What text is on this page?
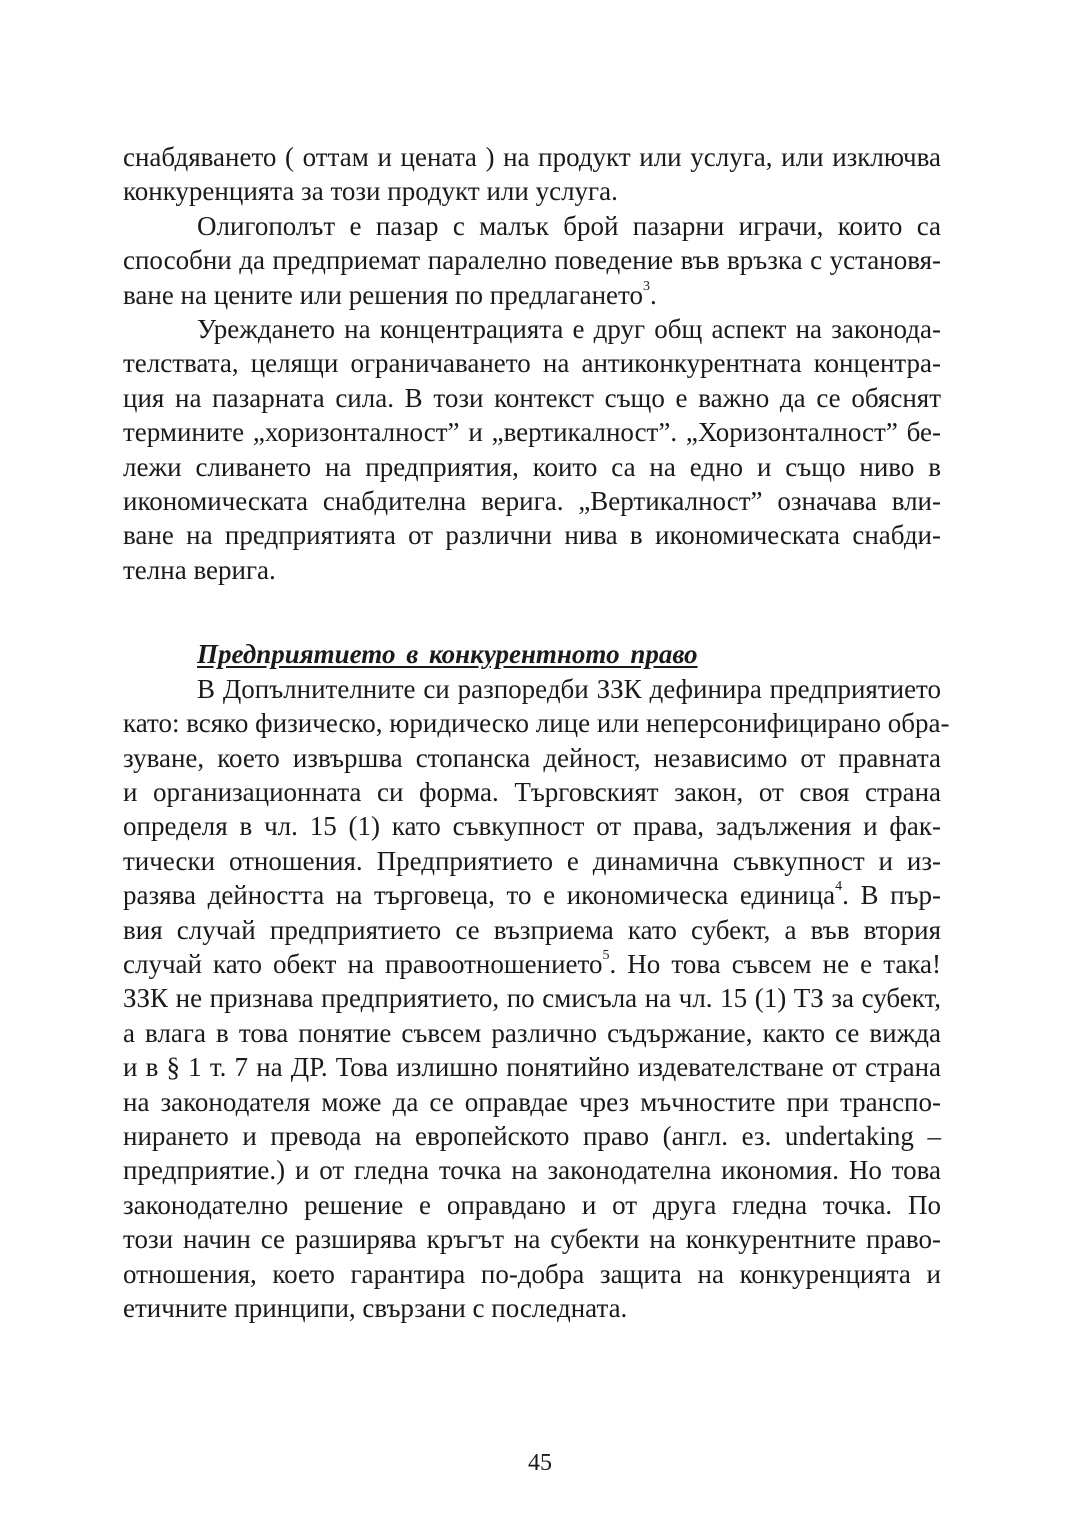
снабдяването ( оттам и цената ) на продукт или услуга, или изключва
конкуренцията за този продукт или услуга.

Олигополът е пазар с малък брой пазарни играчи, които са
способни да предприемат паралелно поведение във връзка с установя-
ване на цените или решения по предлагането$^3$.

Уреждането на концентрацията е друг общ аспект на законода-
телствата, целящи ограничаването на антиконкурентната концентра-
ция на пазарната сила. В този контекст също е важно да се обяснят
термините „хоризонталност” и „вертикалност”. „Хоризонталност” бе-
лежи сливането на предприятия, които са на едно и също ниво в
икономическата снабдителна верига. „Вертикалност” означава вли-
ване на предприятията от различни нива в икономическата снабди-
телна верига.

Предприятието в конкурентното право

В Допълнителните си разпоредби ЗЗК дефинира предприятието
като: всяко физическо, юридическо лице или неперсонифицирано обра-
зуване, което извършва стопанска дейност, независимо от правната
и организационната си форма. Търговският закон, от своя страна
определя в чл. 15 (1) като съвкупност от права, задължения и фак-
тически отношения. Предприятието е динамична съвкупност и из-
разява дейността на търговеца, то е икономическа единица$^4$. В пър-
вия случай предприятието се възприема като субект, а във втория
случай като обект на правоотношението$^5$. Но това съвсем не е така!
ЗЗК не признава предприятието, по смисъла на чл. 15 (1) ТЗ за субект,
а влага в това понятие съвсем различно съдържание, както се вижда
и в § 1 т. 7 на ДР. Това излишно понятийно издевателстване от страна
на законодателя може да се оправдае чрез мъчностите при транспо-
нирането и превода на европейското право (англ. ез. undertaking –
предприятие.) и от гледна точка на законодателна икономия. Но това
законодателно решение е оправдано и от друга гледна точка. По
този начин се разширява кръгът на субекти на конкурентните право-
отношения, което гарантира по-добра защита на конкуренцията и
етичните принципи, свързани с последната.

45
